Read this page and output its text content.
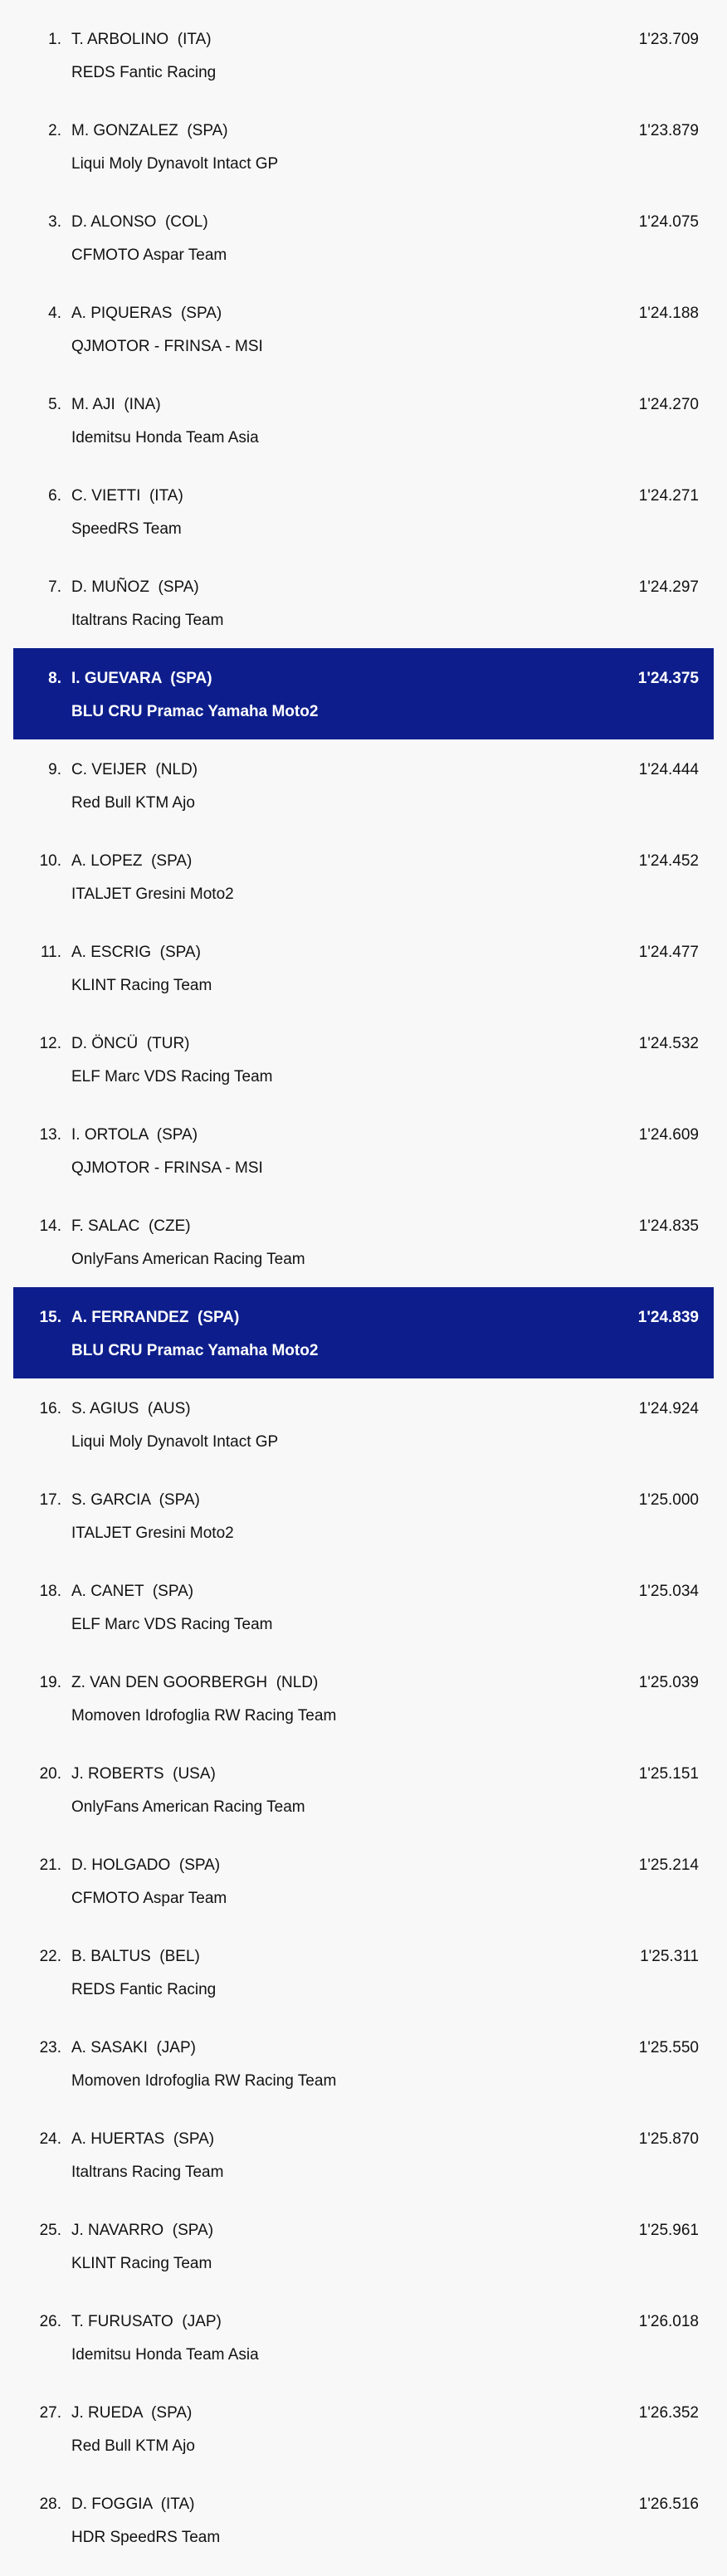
1. T. ARBOLINO (ITA)
REDS Fantic Racing
1'23.709
2. M. GONZALEZ (SPA)
Liqui Moly Dynavolt Intact GP
1'23.879
3. D. ALONSO (COL)
CFMOTO Aspar Team
1'24.075
4. A. PIQUERAS (SPA)
QJMOTOR - FRINSA - MSI
1'24.188
5. M. AJI (INA)
Idemitsu Honda Team Asia
1'24.270
6. C. VIETTI (ITA)
SpeedRS Team
1'24.271
7. D. MUÑOZ (SPA)
Italtrans Racing Team
1'24.297
8. I. GUEVARA (SPA)
BLU CRU Pramac Yamaha Moto2
1'24.375
9. C. VEIJER (NLD)
Red Bull KTM Ajo
1'24.444
10. A. LOPEZ (SPA)
ITALJET Gresini Moto2
1'24.452
11. A. ESCRIG (SPA)
KLINT Racing Team
1'24.477
12. D. ÖNCÜ (TUR)
ELF Marc VDS Racing Team
1'24.532
13. I. ORTOLA (SPA)
QJMOTOR - FRINSA - MSI
1'24.609
14. F. SALAC (CZE)
OnlyFans American Racing Team
1'24.835
15. A. FERRANDEZ (SPA)
BLU CRU Pramac Yamaha Moto2
1'24.839
16. S. AGIUS (AUS)
Liqui Moly Dynavolt Intact GP
1'24.924
17. S. GARCIA (SPA)
ITALJET Gresini Moto2
1'25.000
18. A. CANET (SPA)
ELF Marc VDS Racing Team
1'25.034
19. Z. VAN DEN GOORBERGH (NLD)
Momoven Idrofoglia RW Racing Team
1'25.039
20. J. ROBERTS (USA)
OnlyFans American Racing Team
1'25.151
21. D. HOLGADO (SPA)
CFMOTO Aspar Team
1'25.214
22. B. BALTUS (BEL)
REDS Fantic Racing
1'25.311
23. A. SASAKI (JAP)
Momoven Idrofoglia RW Racing Team
1'25.550
24. A. HUERTAS (SPA)
Italtrans Racing Team
1'25.870
25. J. NAVARRO (SPA)
KLINT Racing Team
1'25.961
26. T. FURUSATO (JAP)
Idemitsu Honda Team Asia
1'26.018
27. J. RUEDA (SPA)
Red Bull KTM Ajo
1'26.352
28. D. FOGGIA (ITA)
HDR SpeedRS Team
1'26.516
